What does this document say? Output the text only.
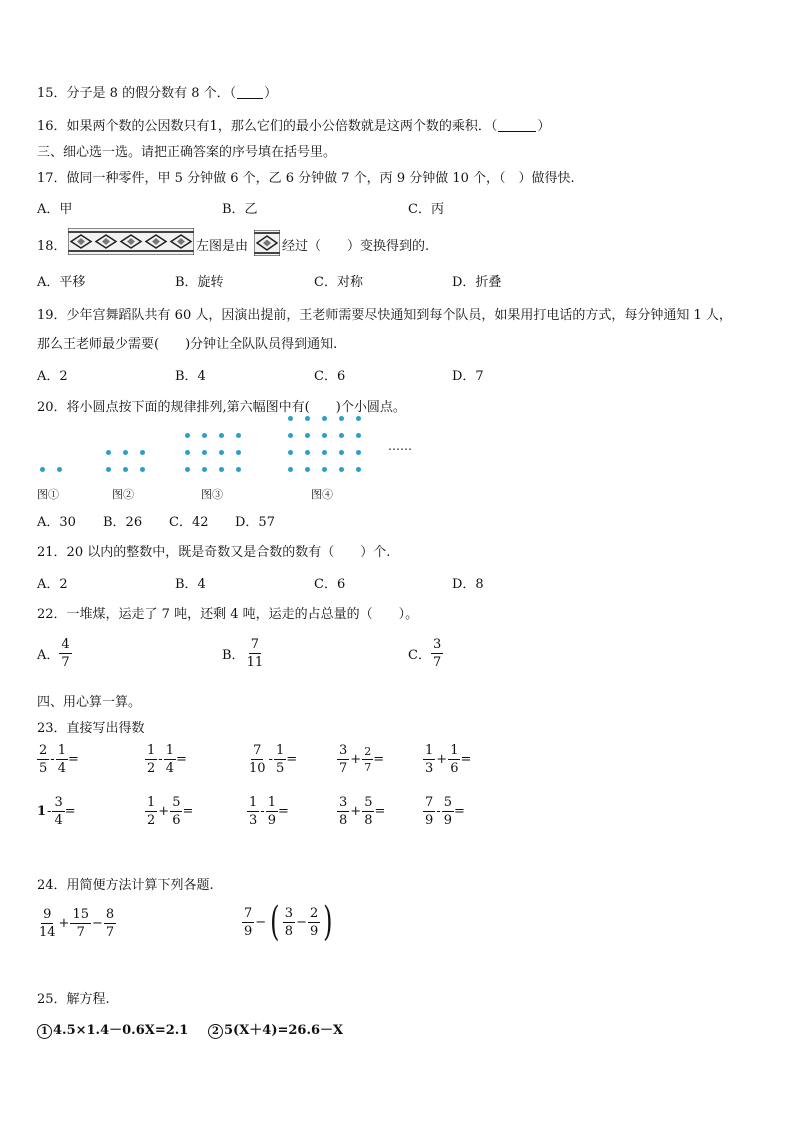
15．分子是 8 的假分数有 8 个．（ ）
16．如果两个数的公因数只有1，那么它们的最小公倍数就是这两个数的乘积．（	）
三、细心选一选。请把正确答案的序号填在括号里。
17．做同一种零件，甲 5 分钟做 6 个，乙 6 分钟做 7 个，丙 9 分钟做 10 个，（　）做得快.
A．甲	B．乙	C．丙
18．	左图是由	经过（　　）变换得到的.
A．平移	B．旋转	C．对称	D．折叠
19．少年宫舞蹈队共有 60 人，因演出提前，王老师需要尽快通知到每个队员，如果用打电话的方式，每分钟通知 1 人，
那么王老师最少需要(　　)分钟让全队队员得到通知.
A．2	B．4	C．6	D．7
20．将小圆点按下面的规律排列,第六幅图中有(　　)个小圆点。
……
图①	图②	图③	图④
A．30 B．26 C．42 D．57
21．20 以内的整数中，既是奇数又是合数的数有（　　）个.
A．2	B．4	C．6	D．8
22．一堆煤，运走了 7 吨，还剩 4 吨，运走的占总量的（　　）。
A． $\frac{4}{7}$	B． $\frac{7}{11}$	C． $\frac{3}{7}$
四、用心算一算。
23．直接写出得数
$\frac{2}{5} - \frac{1}{4}$ =	$\frac{1}{2} - \frac{1}{4}$ =	$\frac{7}{10} - \frac{1}{5}$ =	$\frac{3}{7} + \frac{2}{7}$ =	$\frac{1}{3} + \frac{1}{6}$ =
$1 - \frac{3}{4}$ =	$\frac{1}{2} + \frac{5}{6}$ =	$\frac{1}{3} - \frac{1}{9}$ =	$\frac{3}{8} + \frac{5}{8}$ =	$\frac{7}{9} - \frac{5}{9}$ =
24．用简便方法计算下列各题.
$\frac{9}{14} + \frac{15}{7} - \frac{8}{7}$	$\frac{7}{9}$ − ( $\frac{3}{8} - \frac{2}{9}$ )
25．解方程.
1 4.5×1.4－0.6X=2.1	2 5(X＋4)=26.6－X
